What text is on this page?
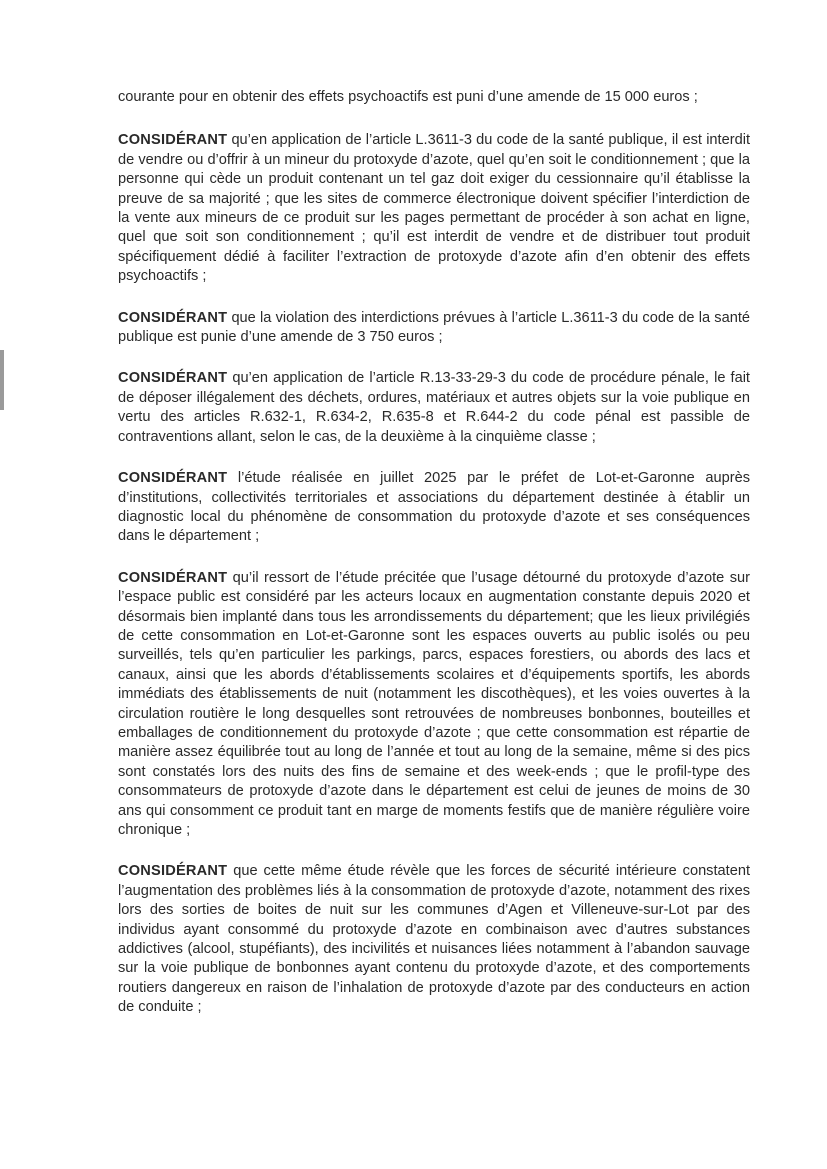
courante pour en obtenir des effets psychoactifs est puni d’une amende de 15 000 euros ;

CONSIDÉRANT qu’en application de l’article L.3611-3 du code de la santé publique, il est interdit de vendre ou d’offrir à un mineur du protoxyde d’azote, quel qu’en soit le conditionnement ; que la personne qui cède un produit contenant un tel gaz doit exiger du cessionnaire qu’il établisse la preuve de sa majorité ; que les sites de commerce électronique doivent spécifier l’interdiction de la vente aux mineurs de ce produit sur les pages permettant de procéder à son achat en ligne, quel que soit son conditionnement ; qu’il est interdit de vendre et de distribuer tout produit spécifiquement dédié à faciliter l’extraction de protoxyde d’azote afin d’en obtenir des effets psychoactifs ;

CONSIDÉRANT que la violation des interdictions prévues à l’article L.3611-3 du code de la santé publique est punie d’une amende de 3 750 euros ;

CONSIDÉRANT qu’en application de l’article R.13-33-29-3 du code de procédure pénale, le fait de déposer illégalement des déchets, ordures, matériaux et autres objets sur la voie publique en vertu des articles R.632-1, R.634-2, R.635-8 et R.644-2 du code pénal est passible de contraventions allant, selon le cas, de la deuxième à la cinquième classe ;

CONSIDÉRANT l’étude réalisée en juillet 2025 par le préfet de Lot-et-Garonne auprès d’institutions, collectivités territoriales et associations du département destinée à établir un diagnostic local du phénomène de consommation du protoxyde d’azote et ses conséquences dans le département ;

CONSIDÉRANT qu’il ressort de l’étude précitée que l’usage détourné du protoxyde d’azote sur l’espace public est considéré par les acteurs locaux en augmentation constante depuis 2020 et désormais bien implanté dans tous les arrondissements du département; que les lieux privilégiés de cette consommation en Lot-et-Garonne sont les espaces ouverts au public isolés ou peu surveillés, tels qu’en particulier les parkings, parcs, espaces forestiers, ou abords des lacs et canaux, ainsi que les abords d’établissements scolaires et d’équipements sportifs, les abords immédiats des établissements de nuit (notamment les discothèques), et les voies ouvertes à la circulation routière le long desquelles sont retrouvées de nombreuses bonbonnes, bouteilles et emballages de conditionnement du protoxyde d’azote ; que cette consommation est répartie de manière assez équilibrée tout au long de l’année et tout au long de la semaine, même si des pics sont constatés lors des nuits des fins de semaine et des week-ends ; que le profil-type des consommateurs de protoxyde d’azote dans le département est celui de jeunes de moins de 30 ans qui consomment ce produit tant en marge de moments festifs que de manière régulière voire chronique ;

CONSIDÉRANT que cette même étude révèle que les forces de sécurité intérieure constatent l’augmentation des problèmes liés à la consommation de protoxyde d’azote, notamment des rixes lors des sorties de boites de nuit sur les communes d’Agen et Villeneuve-sur-Lot par des individus ayant consommé du protoxyde d’azote en combinaison avec d’autres substances addictives (alcool, stupéfiants), des incivilités et nuisances liées notamment à l’abandon sauvage sur la voie publique de bonbonnes ayant contenu du protoxyde d’azote, et des comportements routiers dangereux en raison de l’inhalation de protoxyde d’azote par des conducteurs en action de conduite ;
